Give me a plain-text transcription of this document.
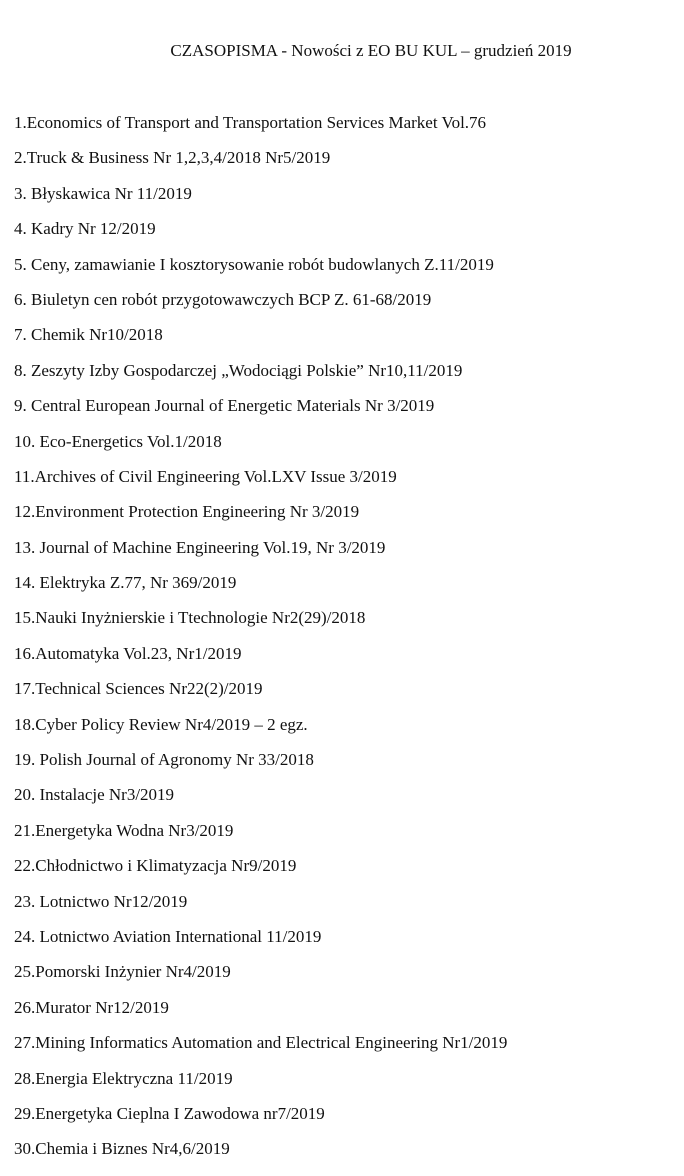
CZASOPISMA - Nowości z EO BU KUL – grudzień 2019
1.Economics of Transport and Transportation Services Market Vol.76
2.Truck & Business Nr 1,2,3,4/2018 Nr5/2019
3. Błyskawica Nr 11/2019
4. Kadry Nr 12/2019
5. Ceny, zamawianie I kosztorysowanie robót budowlanych Z.11/2019
6. Biuletyn cen robót przygotowawczych BCP Z. 61-68/2019
7. Chemik Nr10/2018
8. Zeszyty Izby Gospodarczej „Wodociągi Polskie” Nr10,11/2019
9. Central European Journal of Energetic Materials Nr 3/2019
10. Eco-Energetics Vol.1/2018
11.Archives of Civil Engineering Vol.LXV Issue 3/2019
12.Environment Protection Engineering Nr 3/2019
13. Journal of Machine Engineering Vol.19, Nr 3/2019
14. Elektryka Z.77, Nr 369/2019
15.Nauki Inyżnierskie i Ttechnologie Nr2(29)/2018
16.Automatyka Vol.23, Nr1/2019
17.Technical Sciences Nr22(2)/2019
18.Cyber Policy Review Nr4/2019 – 2 egz.
19. Polish Journal of Agronomy Nr 33/2018
20. Instalacje Nr3/2019
21.Energetyka Wodna Nr3/2019
22.Chłodnictwo i Klimatyzacja Nr9/2019
23. Lotnictwo Nr12/2019
24. Lotnictwo Aviation International 11/2019
25.Pomorski Inżynier Nr4/2019
26.Murator Nr12/2019
27.Mining Informatics Automation and Electrical Engineering Nr1/2019
28.Energia Elektryczna 11/2019
29.Energetyka Cieplna I Zawodowa nr7/2019
30.Chemia i Biznes Nr4,6/2019
